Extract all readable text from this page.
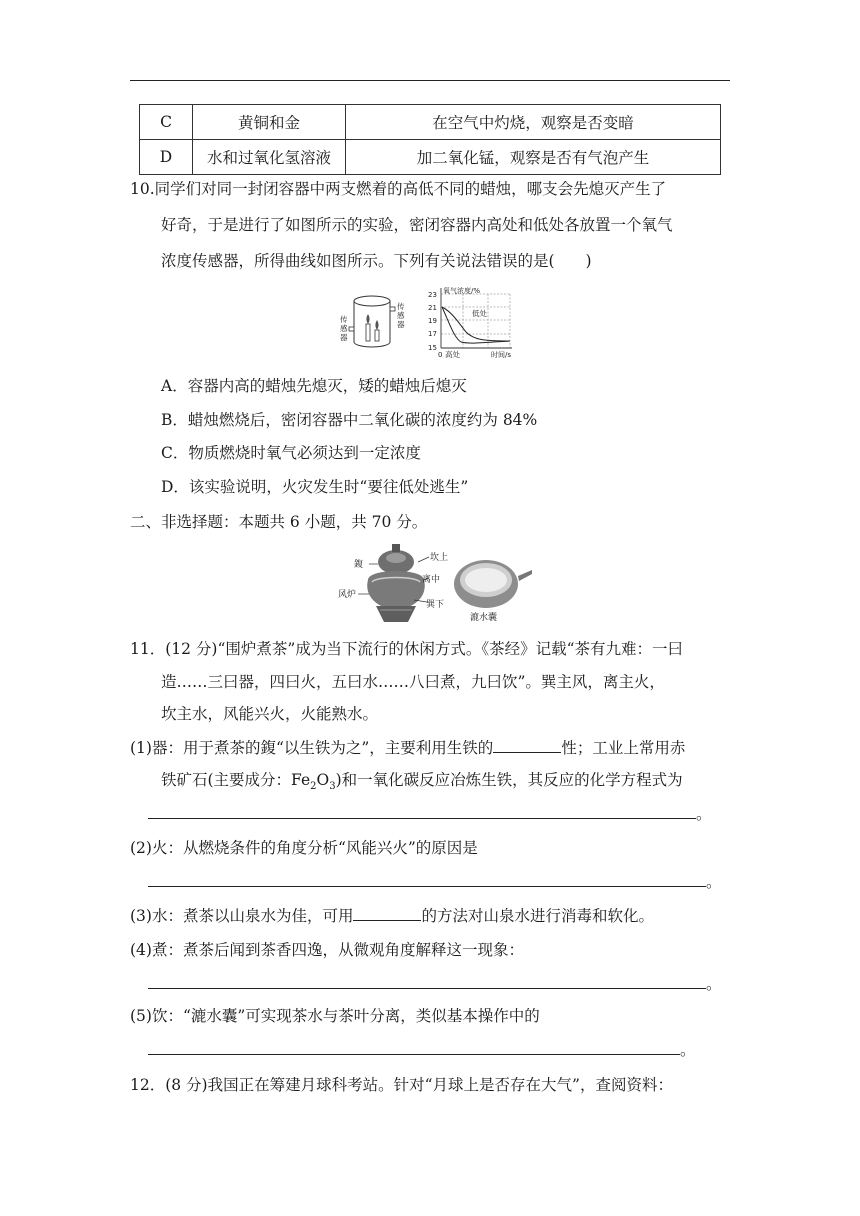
C	黄铜和金	在空气中灼烧，观察是否变暗
D	水和过氧化氢溶液	加二氧化锰，观察是否有气泡产生
10.同学们对同一封闭容器中两支燃着的高低不同的蜡烛，哪支会先熄灭产生了
好奇，于是进行了如图所示的实验，密闭容器内高处和低处各放置一个氧气
浓度传感器，所得曲线如图所示。下列有关说法错误的是(　　)
传
感
器
传
感
器
氧气浓度/%
23
21
19
17
15
0
低处
高处	时间/s
A．容器内高的蜡烛先熄灭，矮的蜡烛后熄灭
B．蜡烛燃烧后，密闭容器中二氧化碳的浓度约为 84%
C．物质燃烧时氧气必须达到一定浓度
D．该实验说明，火灾发生时“要往低处逃生”
二、非选择题：本题共 6 小题，共 70 分。
鍑
风炉
坎上
离中
巽下
漉水囊
11．(12 分)“围炉煮茶”成为当下流行的休闲方式。《茶经》记载“茶有九难：一曰
造……三曰器，四曰火，五曰水……八曰煮，九曰饮”。巽主风，离主火，
坎主水，风能兴火，火能熟水。
(1)器：用于煮茶的鍑“以生铁为之”，主要利用生铁的	性；工业上常用赤
铁矿石(主要成分：$Fe_2O_3$)和一氧化碳反应冶炼生铁，其反应的化学方程式为
。
(2)火：从燃烧条件的角度分析“风能兴火”的原因是
。
(3)水：煮茶以山泉水为佳，可用	的方法对山泉水进行消毒和软化。
(4)煮：煮茶后闻到茶香四逸，从微观角度解释这一现象：
。
(5)饮：“漉水囊”可实现茶水与茶叶分离，类似基本操作中的
。
12．(8 分)我国正在筹建月球科考站。针对“月球上是否存在大气”，查阅资料：
